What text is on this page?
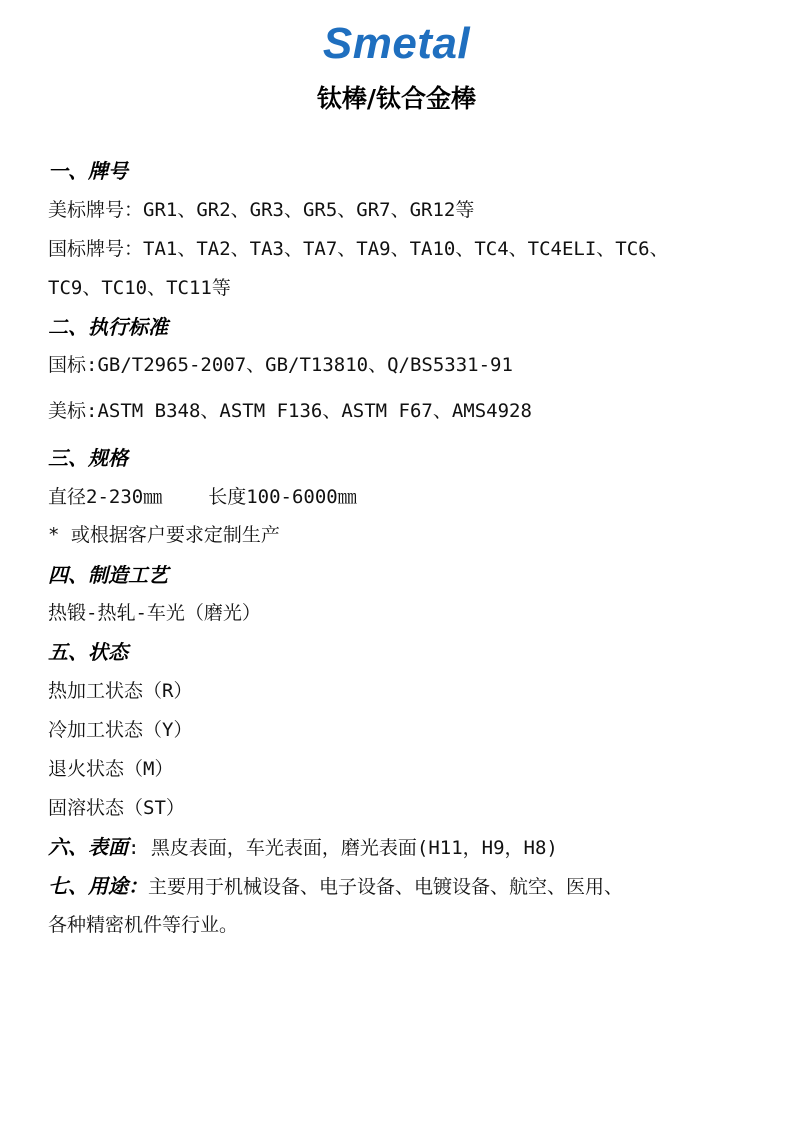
Smetal
钛棒/钛合金棒
一、牌号
美标牌号：GR1、GR2、GR3、GR5、GR7、GR12等
国标牌号：TA1、TA2、TA3、TA7、TA9、TA10、TC4、TC4ELI、TC6、
TC9、TC10、TC11等
二、执行标准
国标:GB/T2965-2007、GB/T13810、Q/BS5331-91
美标:ASTM B348、ASTM F136、ASTM F67、AMS4928
三、规格
直径2-230㎜ 长度100-6000㎜
* 或根据客户要求定制生产
四、制造工艺
热锻-热轧-车光（磨光）
五、状态
热加工状态（R）
冷加工状态（Y）
退火状态（M）
固溶状态（ST）
六、表面: 黑皮表面，车光表面，磨光表面(H11，H9，H8)
七、用途：主要用于机械设备、电子设备、电镀设备、航空、医用、
各种精密机件等行业。
